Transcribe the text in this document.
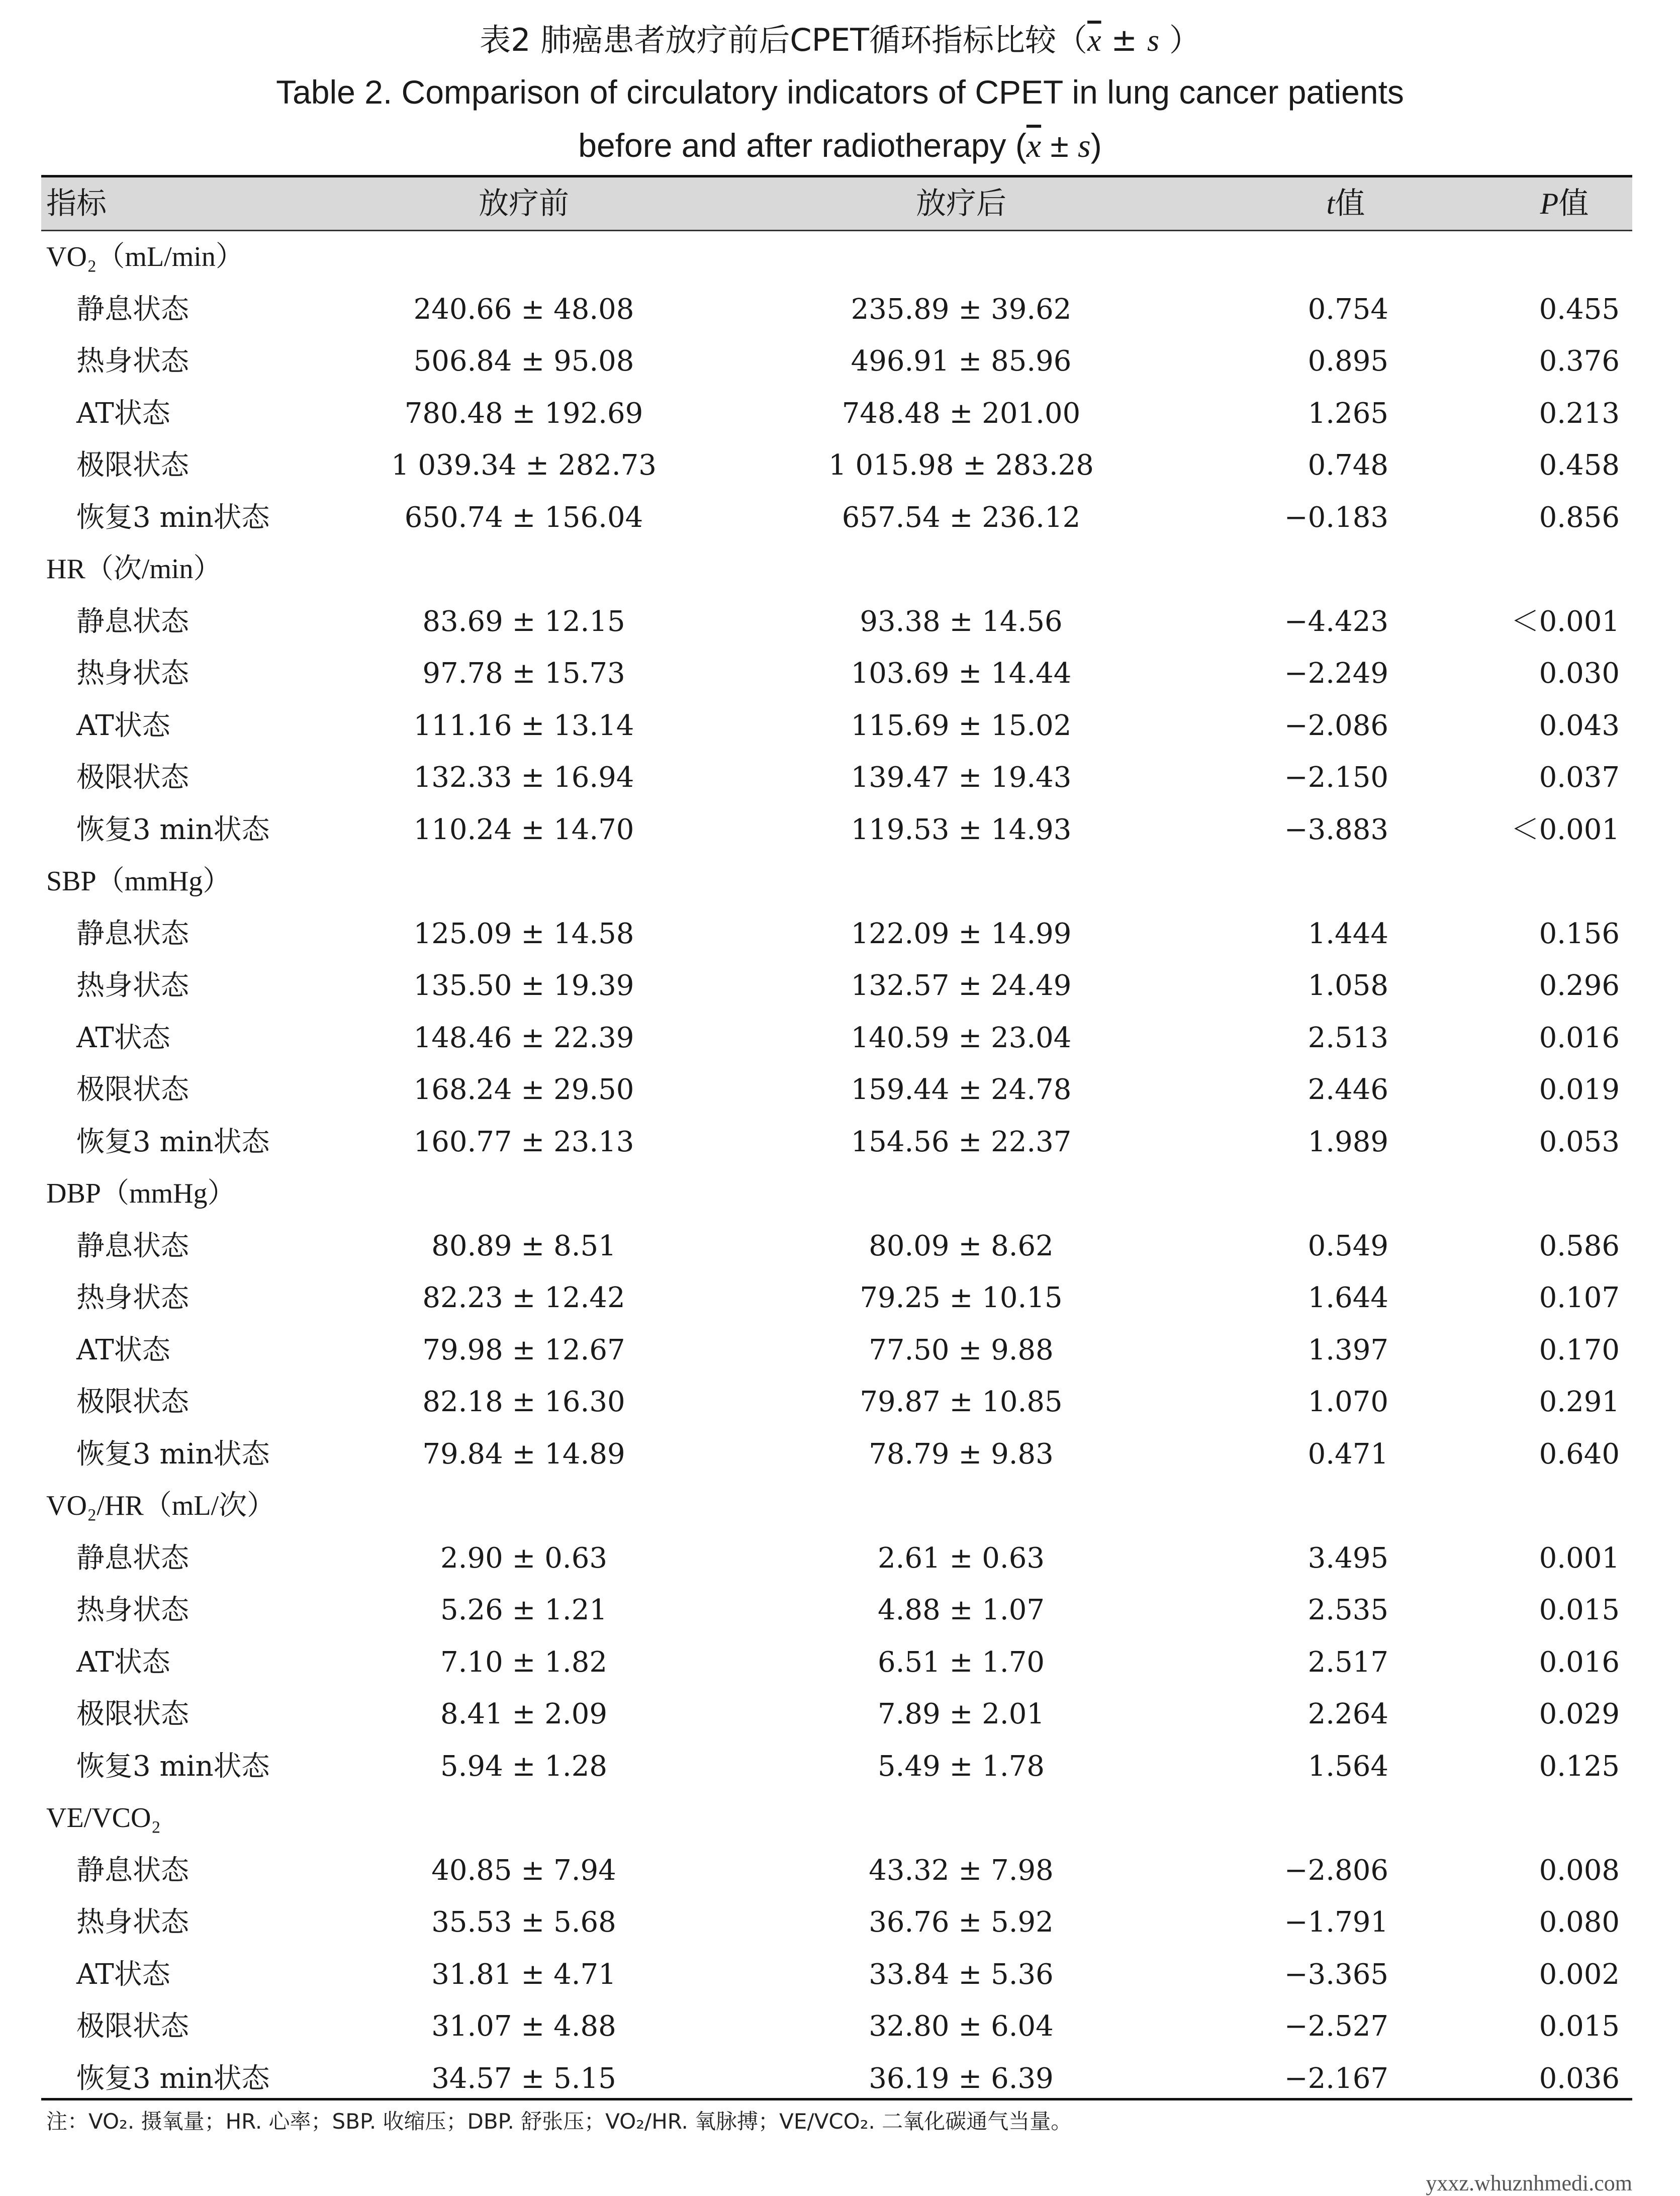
表2 肺癌患者放疗前后CPET循环指标比较（$\overline{x} \pm s$ ）

Table 2. Comparison of circulatory indicators of CPET in lung cancer patients

before and after radiotherapy $(\overline{x} \pm s)$

指标	放疗前	放疗后	t值	P值
VO₂（mL/min）
静息状态	240.66 ± 48.08	235.89 ± 39.62	0.754	0.455
热身状态	506.84 ± 95.08	496.91 ± 85.96	0.895	0.376
AT状态	780.48 ± 192.69	748.48 ± 201.00	1.265	0.213
极限状态	1 039.34 ± 282.73	1 015.98 ± 283.28	0.748	0.458
恢复3 min状态	650.74 ± 156.04	657.54 ± 236.12	−0.183	0.856
HR（次/min）
静息状态	83.69 ± 12.15	93.38 ± 14.56	−4.423	＜0.001
热身状态	97.78 ± 15.73	103.69 ± 14.44	−2.249	0.030
AT状态	111.16 ± 13.14	115.69 ± 15.02	−2.086	0.043
极限状态	132.33 ± 16.94	139.47 ± 19.43	−2.150	0.037
恢复3 min状态	110.24 ± 14.70	119.53 ± 14.93	−3.883	＜0.001
SBP（mmHg）
静息状态	125.09 ± 14.58	122.09 ± 14.99	1.444	0.156
热身状态	135.50 ± 19.39	132.57 ± 24.49	1.058	0.296
AT状态	148.46 ± 22.39	140.59 ± 23.04	2.513	0.016
极限状态	168.24 ± 29.50	159.44 ± 24.78	2.446	0.019
恢复3 min状态	160.77 ± 23.13	154.56 ± 22.37	1.989	0.053
DBP（mmHg）
静息状态	80.89 ± 8.51	80.09 ± 8.62	0.549	0.586
热身状态	82.23 ± 12.42	79.25 ± 10.15	1.644	0.107
AT状态	79.98 ± 12.67	77.50 ± 9.88	1.397	0.170
极限状态	82.18 ± 16.30	79.87 ± 10.85	1.070	0.291
恢复3 min状态	79.84 ± 14.89	78.79 ± 9.83	0.471	0.640
VO₂/HR（mL/次）
静息状态	2.90 ± 0.63	2.61 ± 0.63	3.495	0.001
热身状态	5.26 ± 1.21	4.88 ± 1.07	2.535	0.015
AT状态	7.10 ± 1.82	6.51 ± 1.70	2.517	0.016
极限状态	8.41 ± 2.09	7.89 ± 2.01	2.264	0.029
恢复3 min状态	5.94 ± 1.28	5.49 ± 1.78	1.564	0.125
VE/VCO₂
静息状态	40.85 ± 7.94	43.32 ± 7.98	−2.806	0.008
热身状态	35.53 ± 5.68	36.76 ± 5.92	−1.791	0.080
AT状态	31.81 ± 4.71	33.84 ± 5.36	−3.365	0.002
极限状态	31.07 ± 4.88	32.80 ± 6.04	−2.527	0.015
恢复3 min状态	34.57 ± 5.15	36.19 ± 6.39	−2.167	0.036
注：VO₂. 摄氧量；HR. 心率；SBP. 收缩压；DBP. 舒张压；VO₂/HR. 氧脉搏；VE/VCO₂. 二氧化碳通气当量。
yxxz.whuznhmedi.com
